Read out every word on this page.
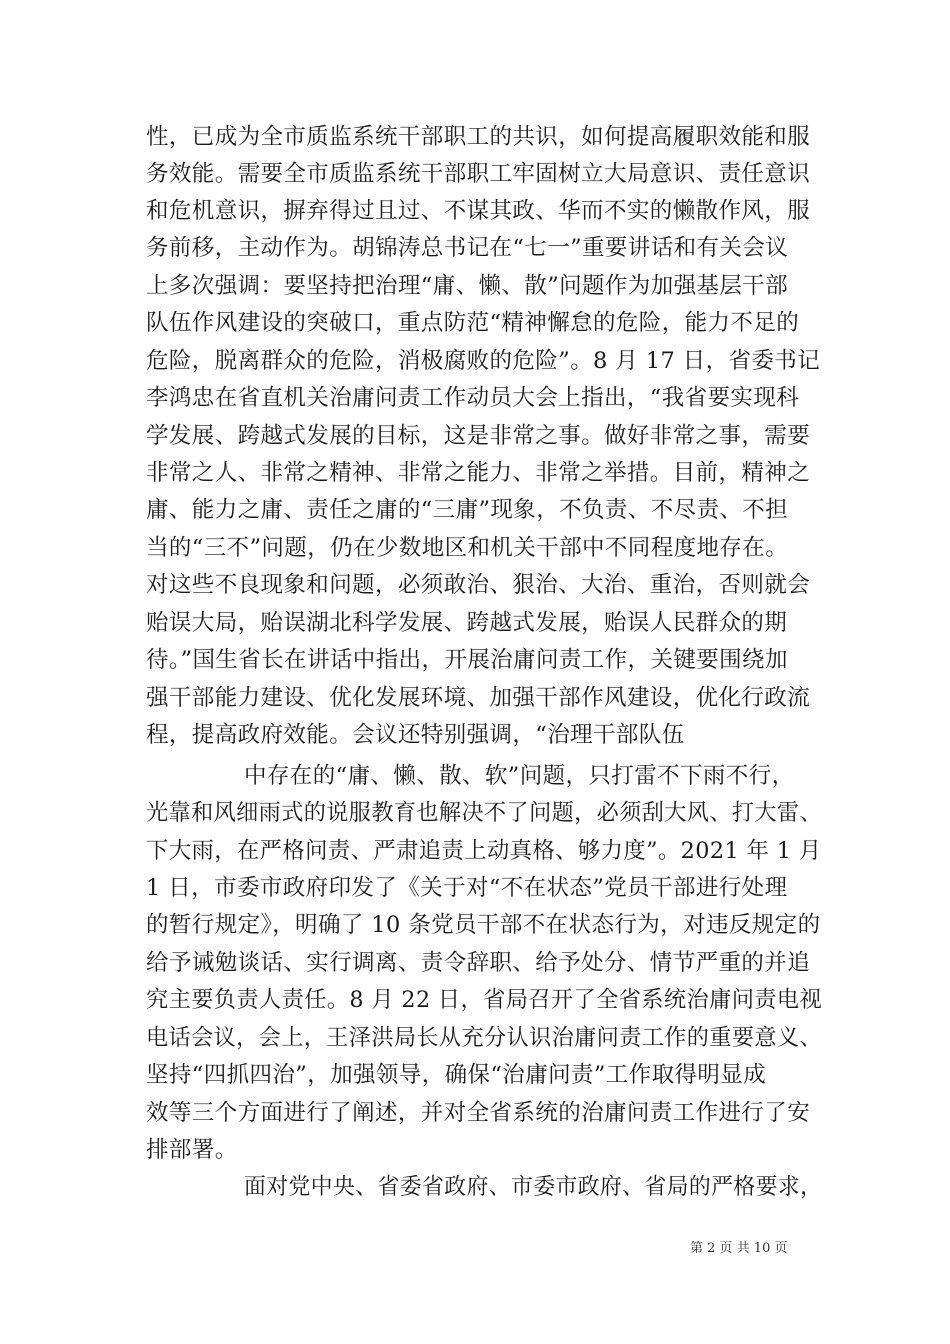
性，已成为全市质监系统干部职工的共识，如何提高履职效能和服
务效能。需要全市质监系统干部职工牢固树立大局意识、责任意识
和危机意识，摒弃得过且过、不谋其政、华而不实的懒散作风，服
务前移，主动作为。胡锦涛总书记在“七一”重要讲话和有关会议
上多次强调：要坚持把治理“庸、懒、散”问题作为加强基层干部
队伍作风建设的突破口，重点防范“精神懈怠的危险，能力不足的
危险，脱离群众的危险，消极腐败的危险”。8 月 17 日，省委书记
李鸿忠在省直机关治庸问责工作动员大会上指出，“我省要实现科
学发展、跨越式发展的目标，这是非常之事。做好非常之事，需要
非常之人、非常之精神、非常之能力、非常之举措。目前，精神之
庸、能力之庸、责任之庸的“三庸”现象，不负责、不尽责、不担
当的“三不”问题，仍在少数地区和机关干部中不同程度地存在。
对这些不良现象和问题，必须敢治、狠治、大治、重治，否则就会
贻误大局，贻误湖北科学发展、跨越式发展，贻误人民群众的期
待。”国生省长在讲话中指出，开展治庸问责工作，关键要围绕加
强干部能力建设、优化发展环境、加强干部作风建设，优化行政流
程，提高政府效能。会议还特别强调，“治理干部队伍
中存在的“庸、懒、散、软”问题，只打雷不下雨不行，
光靠和风细雨式的说服教育也解决不了问题，必须刮大风、打大雷、
下大雨，在严格问责、严肃追责上动真格、够力度”。2021 年 1 月
1 日，市委市政府印发了《关于对“不在状态”党员干部进行处理
的暂行规定》，明确了 10 条党员干部不在状态行为，对违反规定的
给予诫勉谈话、实行调离、责令辞职、给予处分、情节严重的并追
究主要负责人责任。8 月 22 日，省局召开了全省系统治庸问责电视
电话会议，会上，王泽洪局长从充分认识治庸问责工作的重要意义、
坚持“四抓四治”，加强领导，确保“治庸问责”工作取得明显成
效等三个方面进行了阐述，并对全省系统的治庸问责工作进行了安
排部署。
面对党中央、省委省政府、市委市政府、省局的严格要求，
第 2 页 共 10 页
